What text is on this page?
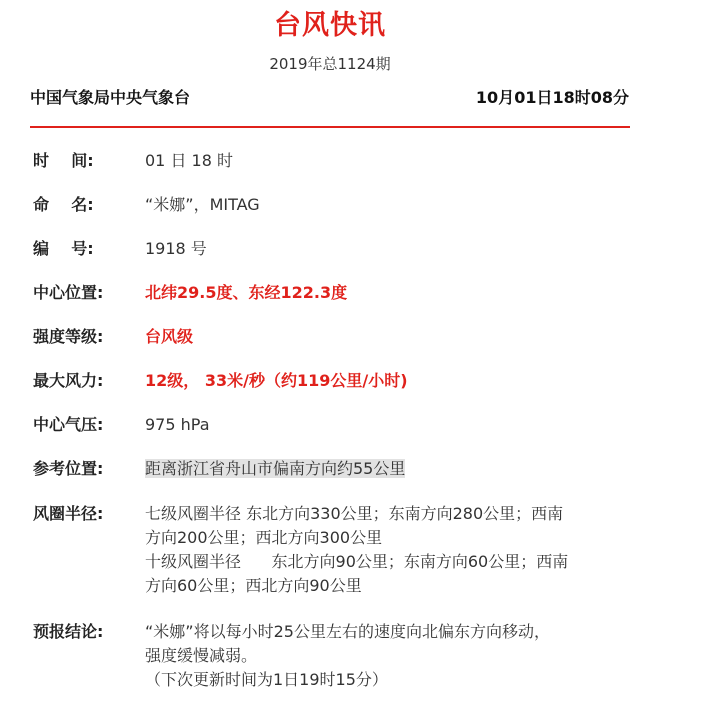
台风快讯
2019年总1124期
中国气象局中央气象台	10月01日18时08分
时    间:	01 日 18 时
命    名:	“米娜”，MITAG
编    号:	1918 号
中心位置:	北纬29.5度、东经122.3度
强度等级:	台风级
最大风力:	12级， 33米/秒（约119公里/小时)
中心气压:	975 hPa
参考位置:	距离浙江省舟山市偏南方向约55公里
风圈半径:	七级风圈半径 东北方向330公里；东南方向280公里；西南
方向200公里；西北方向300公里
十级风圈半径      东北方向90公里；东南方向60公里；西南
方向60公里；西北方向90公里
预报结论:	“米娜”将以每小时25公里左右的速度向北偏东方向移动，
强度缓慢减弱。
（下次更新时间为1日19时15分）
